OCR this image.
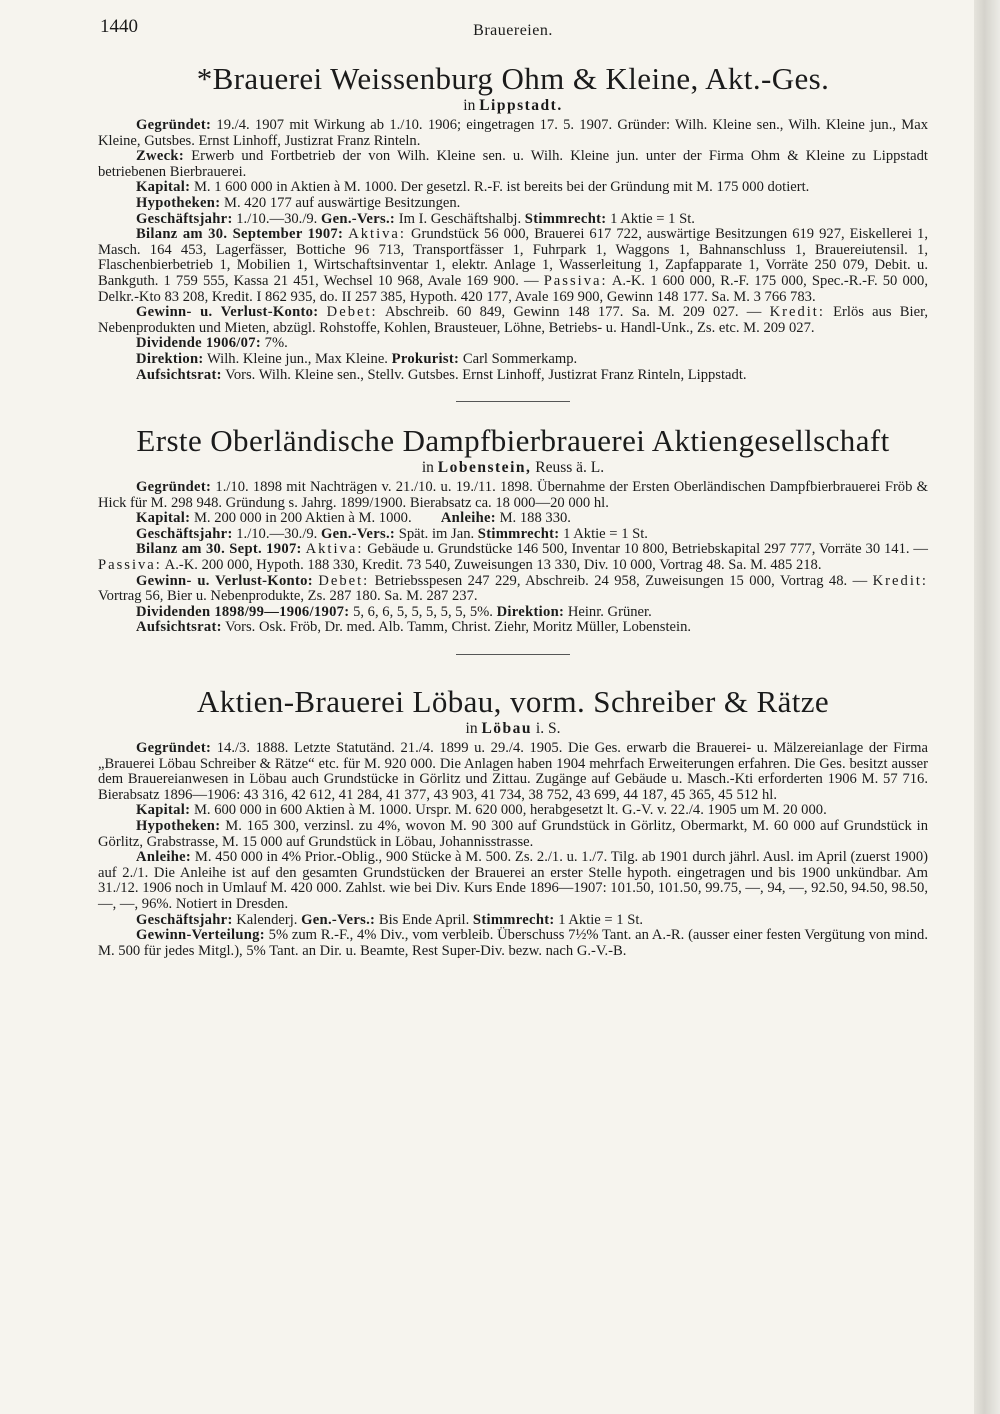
1440	Brauereien.
*Brauerei Weissenburg Ohm & Kleine, Akt.-Ges.
in Lippstadt.

Gegründet: 19./4. 1907 mit Wirkung ab 1./10. 1906; eingetragen 17. 5. 1907. Gründer: Wilh. Kleine sen., Wilh. Kleine jun., Max Kleine, Gutsbes. Ernst Linhoff, Justizrat Franz Rinteln.

Zweck: Erwerb und Fortbetrieb der von Wilh. Kleine sen. u. Wilh. Kleine jun. unter der Firma Ohm & Kleine zu Lippstadt betriebenen Bierbrauerei.

Kapital: M. 1 600 000 in Aktien à M. 1000. Der gesetzl. R.-F. ist bereits bei der Gründung mit M. 175 000 dotiert.

Hypotheken: M. 420 177 auf auswärtige Besitzungen.

Geschäftsjahr: 1./10.—30./9. Gen.-Vers.: Im I. Geschäftshalbj. Stimmrecht: 1 Aktie = 1 St.

Bilanz am 30. September 1907: Aktiva: Grundstück 56 000, Brauerei 617 722, auswärtige Besitzungen 619 927, Eiskellerei 1, Masch. 164 453, Lagerfässer, Bottiche 96 713, Transportfässer 1, Fuhrpark 1, Waggons 1, Bahnanschluss 1, Brauereiutensil. 1, Flaschenbierbetrieb 1, Mobilien 1, Wirtschaftsinventar 1, elektr. Anlage 1, Wasserleitung 1, Zapfapparate 1, Vorräte 250 079, Debit. u. Bankguth. 1 759 555, Kassa 21 451, Wechsel 10 968, Avale 169 900. — Passiva: A.-K. 1 600 000, R.-F. 175 000, Spec.-R.-F. 50 000, Delkr.-Kto 83 208, Kredit. I 862 935, do. II 257 385, Hypoth. 420 177, Avale 169 900, Gewinn 148 177. Sa. M. 3 766 783.

Gewinn- u. Verlust-Konto: Debet: Abschreib. 60 849, Gewinn 148 177. Sa. M. 209 027. — Kredit: Erlös aus Bier, Nebenprodukten und Mieten, abzügl. Rohstoffe, Kohlen, Brausteuer, Löhne, Betriebs- u. Handl-Unk., Zs. etc. M. 209 027.

Dividende 1906/07: 7%.

Direktion: Wilh. Kleine jun., Max Kleine. Prokurist: Carl Sommerkamp.

Aufsichtsrat: Vors. Wilh. Kleine sen., Stellv. Gutsbes. Ernst Linhoff, Justizrat Franz Rinteln, Lippstadt.

Erste Oberländische Dampfbierbrauerei Aktiengesellschaft
in Lobenstein, Reuss ä. L.

Gegründet: 1./10. 1898 mit Nachträgen v. 21./10. u. 19./11. 1898. Übernahme der Ersten Oberländischen Dampfbierbrauerei Fröb & Hick für M. 298 948. Gründung s. Jahrg. 1899/1900. Bierabsatz ca. 18 000—20 000 hl.

Kapital: M. 200 000 in 200 Aktien à M. 1000.        Anleihe: M. 188 330.

Geschäftsjahr: 1./10.—30./9. Gen.-Vers.: Spät. im Jan. Stimmrecht: 1 Aktie = 1 St.

Bilanz am 30. Sept. 1907: Aktiva: Gebäude u. Grundstücke 146 500, Inventar 10 800, Betriebskapital 297 777, Vorräte 30 141. — Passiva: A.-K. 200 000, Hypoth. 188 330, Kredit. 73 540, Zuweisungen 13 330, Div. 10 000, Vortrag 48. Sa. M. 485 218.

Gewinn- u. Verlust-Konto: Debet: Betriebsspesen 247 229, Abschreib. 24 958, Zuweisungen 15 000, Vortrag 48. — Kredit: Vortrag 56, Bier u. Nebenprodukte, Zs. 287 180. Sa. M. 287 237.

Dividenden 1898/99—1906/1907: 5, 6, 6, 5, 5, 5, 5, 5, 5%. Direktion: Heinr. Grüner.

Aufsichtsrat: Vors. Osk. Fröb, Dr. med. Alb. Tamm, Christ. Ziehr, Moritz Müller, Lobenstein.

Aktien-Brauerei Löbau, vorm. Schreiber & Rätze
in Löbau i. S.

Gegründet: 14./3. 1888. Letzte Statutänd. 21./4. 1899 u. 29./4. 1905. Die Ges. erwarb die Brauerei- u. Mälzereianlage der Firma „Brauerei Löbau Schreiber & Rätze“ etc. für M. 920 000. Die Anlagen haben 1904 mehrfach Erweiterungen erfahren. Die Ges. besitzt ausser dem Brauereianwesen in Löbau auch Grundstücke in Görlitz und Zittau. Zugänge auf Gebäude u. Masch.-Kti erforderten 1906 M. 57 716. Bierabsatz 1896—1906: 43 316, 42 612, 41 284, 41 377, 43 903, 41 734, 38 752, 43 699, 44 187, 45 365, 45 512 hl.

Kapital: M. 600 000 in 600 Aktien à M. 1000. Urspr. M. 620 000, herabgesetzt lt. G.-V. v. 22./4. 1905 um M. 20 000.

Hypotheken: M. 165 300, verzinsl. zu 4%, wovon M. 90 300 auf Grundstück in Görlitz, Obermarkt, M. 60 000 auf Grundstück in Görlitz, Grabstrasse, M. 15 000 auf Grundstück in Löbau, Johannisstrasse.

Anleihe: M. 450 000 in 4% Prior.-Oblig., 900 Stücke à M. 500. Zs. 2./1. u. 1./7. Tilg. ab 1901 durch jährl. Ausl. im April (zuerst 1900) auf 2./1. Die Anleihe ist auf den gesamten Grundstücken der Brauerei an erster Stelle hypoth. eingetragen und bis 1900 unkündbar. Am 31./12. 1906 noch in Umlauf M. 420 000. Zahlst. wie bei Div. Kurs Ende 1896—1907: 101.50, 101.50, 99.75, —, 94, —, 92.50, 94.50, 98.50, —, —, 96%. Notiert in Dresden.

Geschäftsjahr: Kalenderj. Gen.-Vers.: Bis Ende April. Stimmrecht: 1 Aktie = 1 St.

Gewinn-Verteilung: 5% zum R.-F., 4% Div., vom verbleib. Überschuss 7½% Tant. an A.-R. (ausser einer festen Vergütung von mind. M. 500 für jedes Mitgl.), 5% Tant. an Dir. u. Beamte, Rest Super-Div. bezw. nach G.-V.-B.
